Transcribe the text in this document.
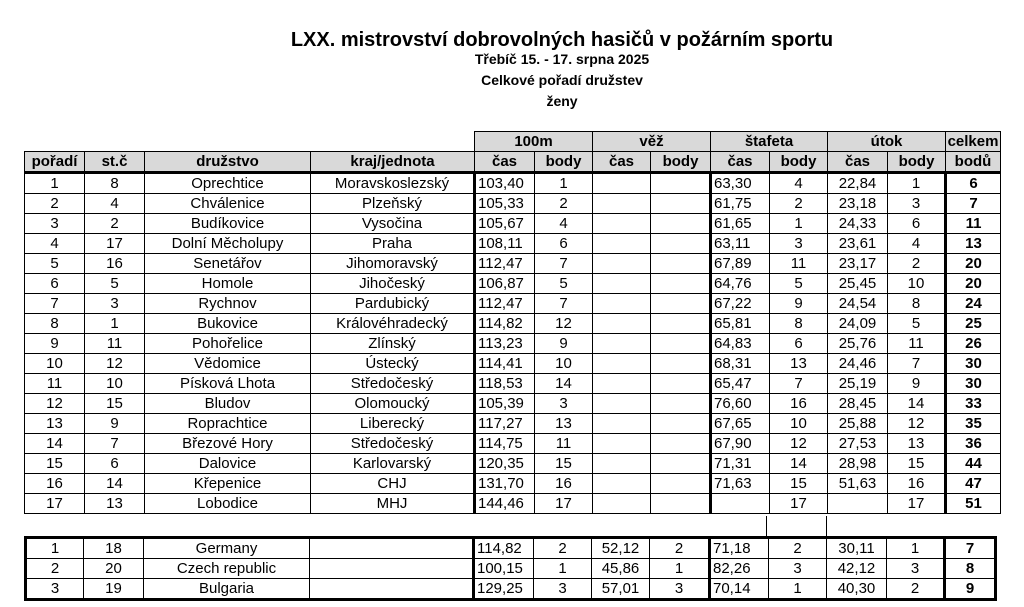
LXX. mistrovství dobrovolných hasičů v požárním sportu
Třebíč 15. - 17. srpna 2025
Celkové pořadí družstev
ženy
				100m		věž		štafeta		útok		celkem
pořadí	st.č	družstvo	kraj/jednota	čas	body	čas	body	čas	body	čas	body	bodů
1	8	Oprechtice	Moravskoslezský	103,40	1			63,30	4	22,84	1	6
2	4	Chválenice	Plzeňský	105,33	2			61,75	2	23,18	3	7
3	2	Budíkovice	Vysočina	105,67	4			61,65	1	24,33	6	11
4	17	Dolní Měcholupy	Praha	108,11	6			63,11	3	23,61	4	13
5	16	Senetářov	Jihomoravský	112,47	7			67,89	11	23,17	2	20
6	5	Homole	Jihočeský	106,87	5			64,76	5	25,45	10	20
7	3	Rychnov	Pardubický	112,47	7			67,22	9	24,54	8	24
8	1	Bukovice	Královéhradecký	114,82	12			65,81	8	24,09	5	25
9	11	Pohořelice	Zlínský	113,23	9			64,83	6	25,76	11	26
10	12	Vědomice	Ústecký	114,41	10			68,31	13	24,46	7	30
11	10	Písková Lhota	Středočeský	118,53	14			65,47	7	25,19	9	30
12	15	Bludov	Olomoucký	105,39	3			76,60	16	28,45	14	33
13	9	Roprachtice	Liberecký	117,27	13			67,65	10	25,88	12	35
14	7	Březové Hory	Středočeský	114,75	11			67,90	12	27,53	13	36
15	6	Dalovice	Karlovarský	120,35	15			71,31	14	28,98	15	44
16	14	Křepenice	CHJ	131,70	16			71,63	15	51,63	16	47
17	13	Lobodice	MHJ	144,46	17				17		17	51
1	18	Germany		114,82	2	52,12	2	71,18	2	30,11	1	7
2	20	Czech republic		100,15	1	45,86	1	82,26	3	42,12	3	8
3	19	Bulgaria		129,25	3	57,01	3	70,14	1	40,30	2	9
